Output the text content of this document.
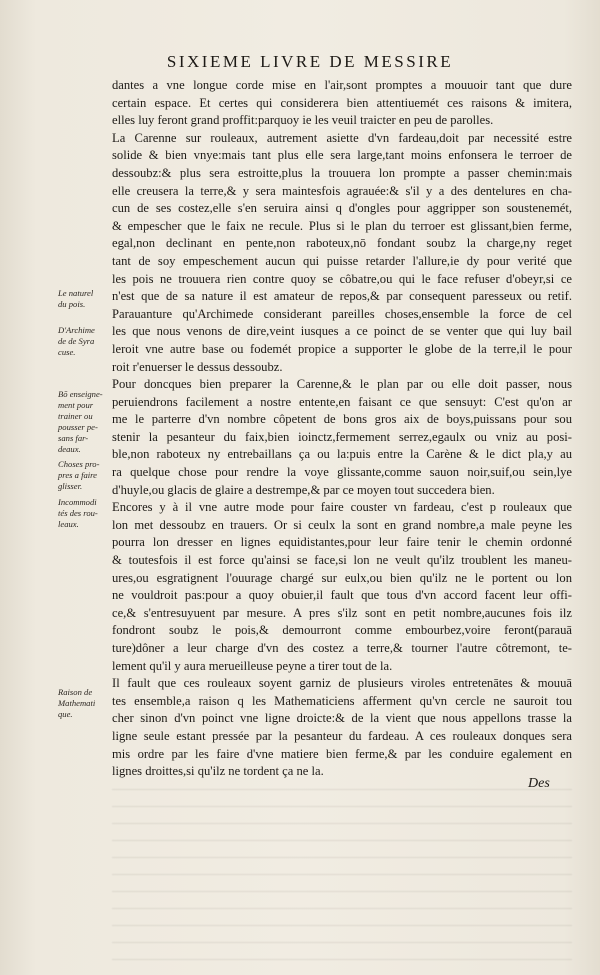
SIXIEME LIVRE DE MESSIRE
dantes a vne longue corde mise en l'air,sont promptes a mouuoir tant que dure
certain espace. Et certes qui considerera bien attentiuemét ces raisons & imitera,
elles luy feront grand proffit:parquoy ie les veuil traicter en peu de parolles.
La Carenne sur rouleaux, autrement asiette d'vn fardeau,doit par necessité estre
solide & bien vnye:mais tant plus elle sera large,tant moins enfonsera le terroer de
dessoubz:& plus sera estroitte,plus la trouuera lon prompte a passer chemin:mais
elle creusera la terre,& y sera maintesfois agrauée:& s'il y a des dentelures en cha-
cun de ses costez,elle s'en seruira ainsi q d'ongles pour aggripper son soustenemét,
& empescher que le faix ne recule. Plus si le plan du terroer est glissant,bien ferme,
egal,non declinant en pente,non raboteux,nō fondant soubz la charge,ny reget
tant de soy empeschement aucun qui puisse retarder l'allure,ie dy pour verité que
les pois ne trouuera rien contre quoy se côbatre,ou qui le face refuser d'obeyr,si ce
n'est que de sa nature il est amateur de repos,& par consequent paresseux ou retif.
Parauanture qu'Archimede considerant pareilles choses,ensemble la force de cel
les que nous venons de dire,veint iusques a ce poinct de se venter que qui luy bail
leroit vne autre base ou fodemét propice a supporter le globe de la terre,il le pour
roit r'enuerser le dessus dessoubz.
Pour doncques bien preparer la Carenne,& le plan par ou elle doit passer, nous
peruiendrons facilement a nostre entente,en faisant ce que sensuyt: C'est qu'on ar
me le parterre d'vn nombre côpetent de bons gros aix de boys,puissans pour sou
stenir la pesanteur du faix,bien ioinctz,fermement serrez,egaulx ou vniz au posi-
ble,non raboteux ny entrebaillans ça ou la:puis entre la Carène & le dict pla,y au
ra quelque chose pour rendre la voye glissante,comme sauon noir,suif,ou sein,lye
d'huyle,ou glacis de glaire a destrempe,& par ce moyen tout succedera bien.
Encores y à il vne autre mode pour faire couster vn fardeau, c'est p rouleaux que
lon met dessoubz en trauers. Or si ceulx la sont en grand nombre,a male peyne les
pourra lon dresser en lignes equidistantes,pour leur faire tenir le chemin ordonné
& toutesfois il est force qu'ainsi se face,si lon ne veult qu'ilz troublent les maneu-
ures,ou esgratignent l'ouurage chargé sur eulx,ou bien qu'ilz ne le portent ou lon
ne vouldroit pas:pour a quoy obuier,il fault que tous d'vn accord facent leur offi-
ce,& s'entresuyuent par mesure. A pres s'ilz sont en petit nombre,aucunes fois ilz
fondront soubz le pois,& demourront comme embourbez,voire feront(parauā
ture)dôner a leur charge d'vn des costez a terre,& tourner l'autre côtremont, te-
lement qu'il y aura merueilleuse peyne a tirer tout de la.
Il fault que ces rouleaux soyent garniz de plusieurs viroles entretenātes & mouuā
tes ensemble,a raison q les Mathematiciens afferment qu'vn cercle ne sauroit tou
cher sinon d'vn poinct vne ligne droicte:& de la vient que nous appellons trasse la
ligne seule estant pressée par la pesanteur du fardeau. A ces rouleaux donques sera
mis ordre par les faire d'vne matiere bien ferme,& par les conduire egalement en
lignes droittes,si qu'ilz ne tordent ça ne la.
Le naturel
du pois.
D'Archime
de de Syra
cuse.
Bō enseigne-
ment pour
trainer ou
pousser pe-
sans far-
deaux.
Choses pro-
pres a faire
glisser.
Incommodi
tés des rou-
leaux.
Raison de
Mathemati
que.
Des
